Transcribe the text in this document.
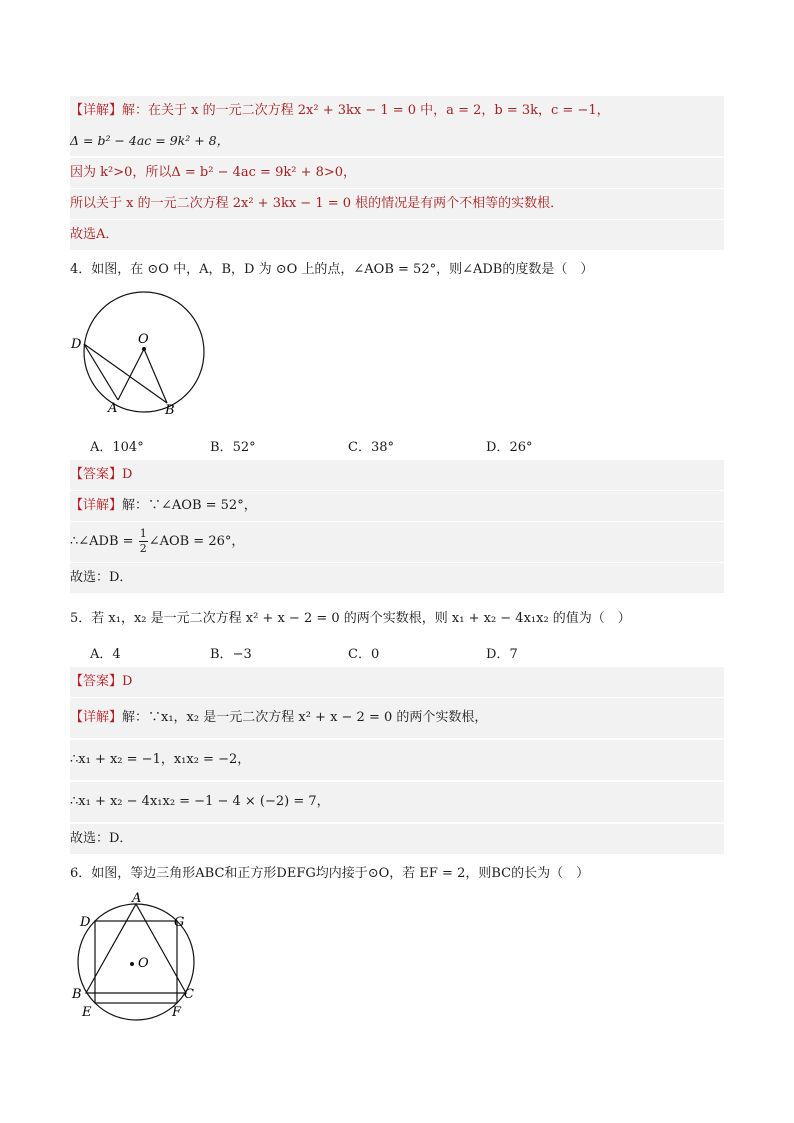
【详解】解：在关于 x 的一元二次方程 2x² + 3kx − 1 = 0 中，a = 2，b = 3k，c = −1，
Δ = b² − 4ac = 9k² + 8，
因为 k²>0，所以Δ = b² − 4ac = 9k² + 8>0，
所以关于 x 的一元二次方程 2x² + 3kx − 1 = 0 根的情况是有两个不相等的实数根．
故选A．
4．如图，在 ⊙O 中，A，B，D 为 ⊙O 上的点，∠AOB = 52°，则∠ADB的度数是（　）
D	O
A	B
A．104°	B．52°	C．38°	D．26°
【答案】D
【详解】解：∵∠AOB = 52°，
∴∠ADB = $\frac{1}{2}$ ∠AOB = 26°，
故选：D．
5．若 x₁，x₂ 是一元二次方程 x² + x − 2 = 0 的两个实数根，则 x₁ + x₂ − 4x₁x₂ 的值为（　）
A．4	B．−3	C．0	D．7
【答案】D
【详解】解：∵x₁，x₂ 是一元二次方程 x² + x − 2 = 0 的两个实数根，
∴x₁ + x₂ = −1，x₁x₂ = −2，
∴x₁ + x₂ − 4x₁x₂ = −1 − 4 × (−2) = 7，
故选：D．
6．如图，等边三角形ABC和正方形DEFG均内接于⊙O，若 EF = 2，则BC的长为（　）
A
D	G
O
B	C
E	F
